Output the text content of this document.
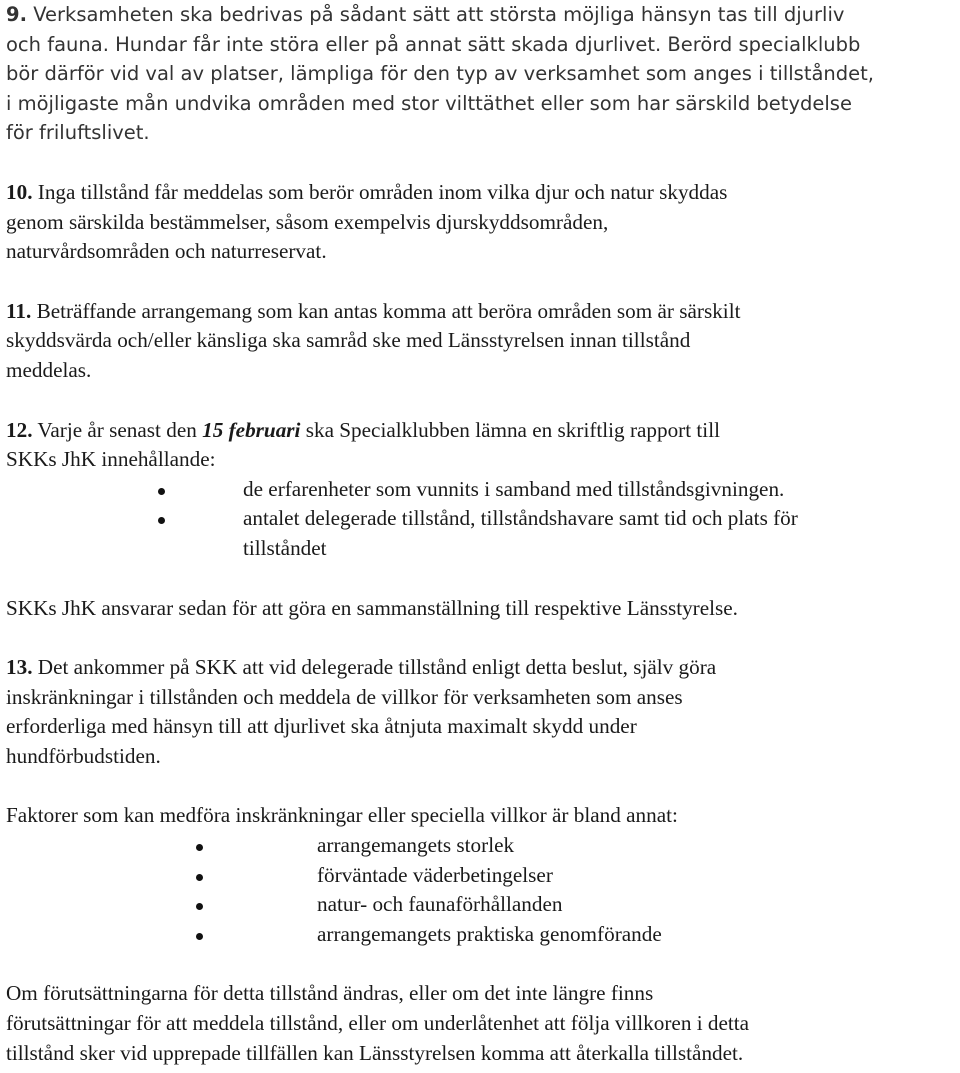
9. Verksamheten ska bedrivas på sådant sätt att största möjliga hänsyn tas till djurliv
och fauna. Hundar får inte störa eller på annat sätt skada djurlivet. Berörd specialklubb
bör därför vid val av platser, lämpliga för den typ av verksamhet som anges i tillståndet,
i möjligaste mån undvika områden med stor vilttäthet eller som har särskild betydelse
för friluftslivet.
10. Inga tillstånd får meddelas som berör områden inom vilka djur och natur skyddas
genom särskilda bestämmelser, såsom exempelvis djurskyddsområden,
naturvårdsområden och naturreservat.
11. Beträffande arrangemang som kan antas komma att beröra områden som är särskilt
skyddsvärda och/eller känsliga ska samråd ske med Länsstyrelsen innan tillstånd
meddelas.
12. Varje år senast den 15 februari ska Specialklubben lämna en skriftlig rapport till
SKKs JhK innehållande:
de erfarenheter som vunnits i samband med tillståndsgivningen.
antalet delegerade tillstånd, tillståndshavare samt tid och plats för
tillståndet
SKKs JhK ansvarar sedan för att göra en sammanställning till respektive Länsstyrelse.
13. Det ankommer på SKK att vid delegerade tillstånd enligt detta beslut, själv göra
inskränkningar i tillstånden och meddela de villkor för verksamheten som anses
erforderliga med hänsyn till att djurlivet ska åtnjuta maximalt skydd under
hundförbudstiden.
Faktorer som kan medföra inskränkningar eller speciella villkor är bland annat:
arrangemangets storlek
förväntade väderbetingelser
natur- och faunaförhållanden
arrangemangets praktiska genomförande
Om förutsättningarna för detta tillstånd ändras, eller om det inte längre finns
förutsättningar för att meddela tillstånd, eller om underlåtenhet att följa villkoren i detta
tillstånd sker vid upprepade tillfällen kan Länsstyrelsen komma att återkalla tillståndet.
